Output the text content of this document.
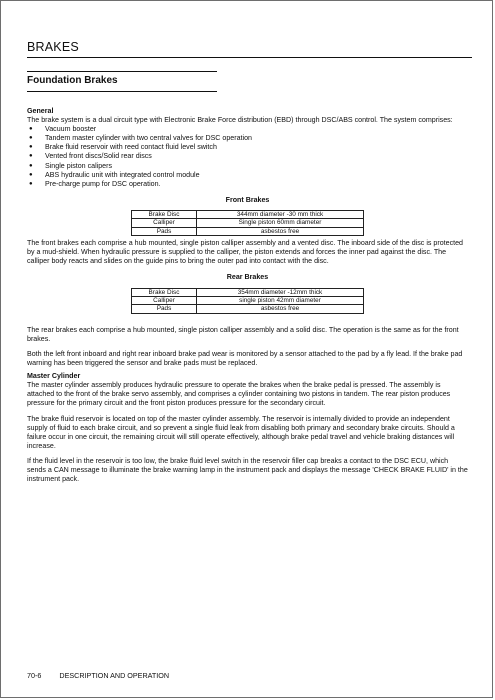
BRAKES
Foundation Brakes

General

The brake system is a dual circuit type with Electronic Brake Force distribution (EBD) through DSC/ABS control. The system comprises:

● Vacuum booster
● Tandem master cylinder with two central valves for DSC operation
● Brake fluid reservoir with reed contact fluid level switch
● Vented front discs/Solid rear discs
● Single piston calipers
● ABS hydraulic unit with integrated control module
● Pre-charge pump for DSC operation.
Front Brakes
Brake Disc	344mm diameter -30 mm thick
Calliper	Single piston 60mm diameter
Pads	asbestos free

The front brakes each comprise a hub mounted, single piston calliper assembly and a vented disc. The inboard side of the disc is protected by a mud-shield. When hydraulic pressure is supplied to the calliper, the piston extends and forces the inner pad against the disc. The calliper body reacts and slides on the guide pins to bring the outer pad into contact with the disc.

Rear Brakes
Brake Disc	354mm diameter -12mm thick
Calliper	single piston 42mm diameter
Pads	asbestos free

The rear brakes each comprise a hub mounted, single piston calliper assembly and a solid disc. The operation is the same as for the front brakes.

Both the left front inboard and right rear inboard brake pad wear is monitored by a sensor attached to the pad by a fly lead. If the brake pad warning has been triggered the sensor and brake pads must be replaced.

Master Cylinder

The master cylinder assembly produces hydraulic pressure to operate the brakes when the brake pedal is pressed. The assembly is attached to the front of the brake servo assembly, and comprises a cylinder containing two pistons in tandem. The rear piston produces pressure for the primary circuit and the front piston produces pressure for the secondary circuit.

The brake fluid reservoir is located on top of the master cylinder assembly. The reservoir is internally divided to provide an independent supply of fluid to each brake circuit, and so prevent a single fluid leak from disabling both primary and secondary brake circuits. Should a failure occur in one circuit, the remaining circuit will still operate effectively, although brake pedal travel and vehicle braking distances will increase.

If the fluid level in the reservoir is too low, the brake fluid level switch in the reservoir filler cap breaks a contact to the DSC ECU, which sends a CAN message to illuminate the brake warning lamp in the instrument pack and displays the message 'CHECK BRAKE FLUID' in the instrument pack.

70-6	DESCRIPTION AND OPERATION
